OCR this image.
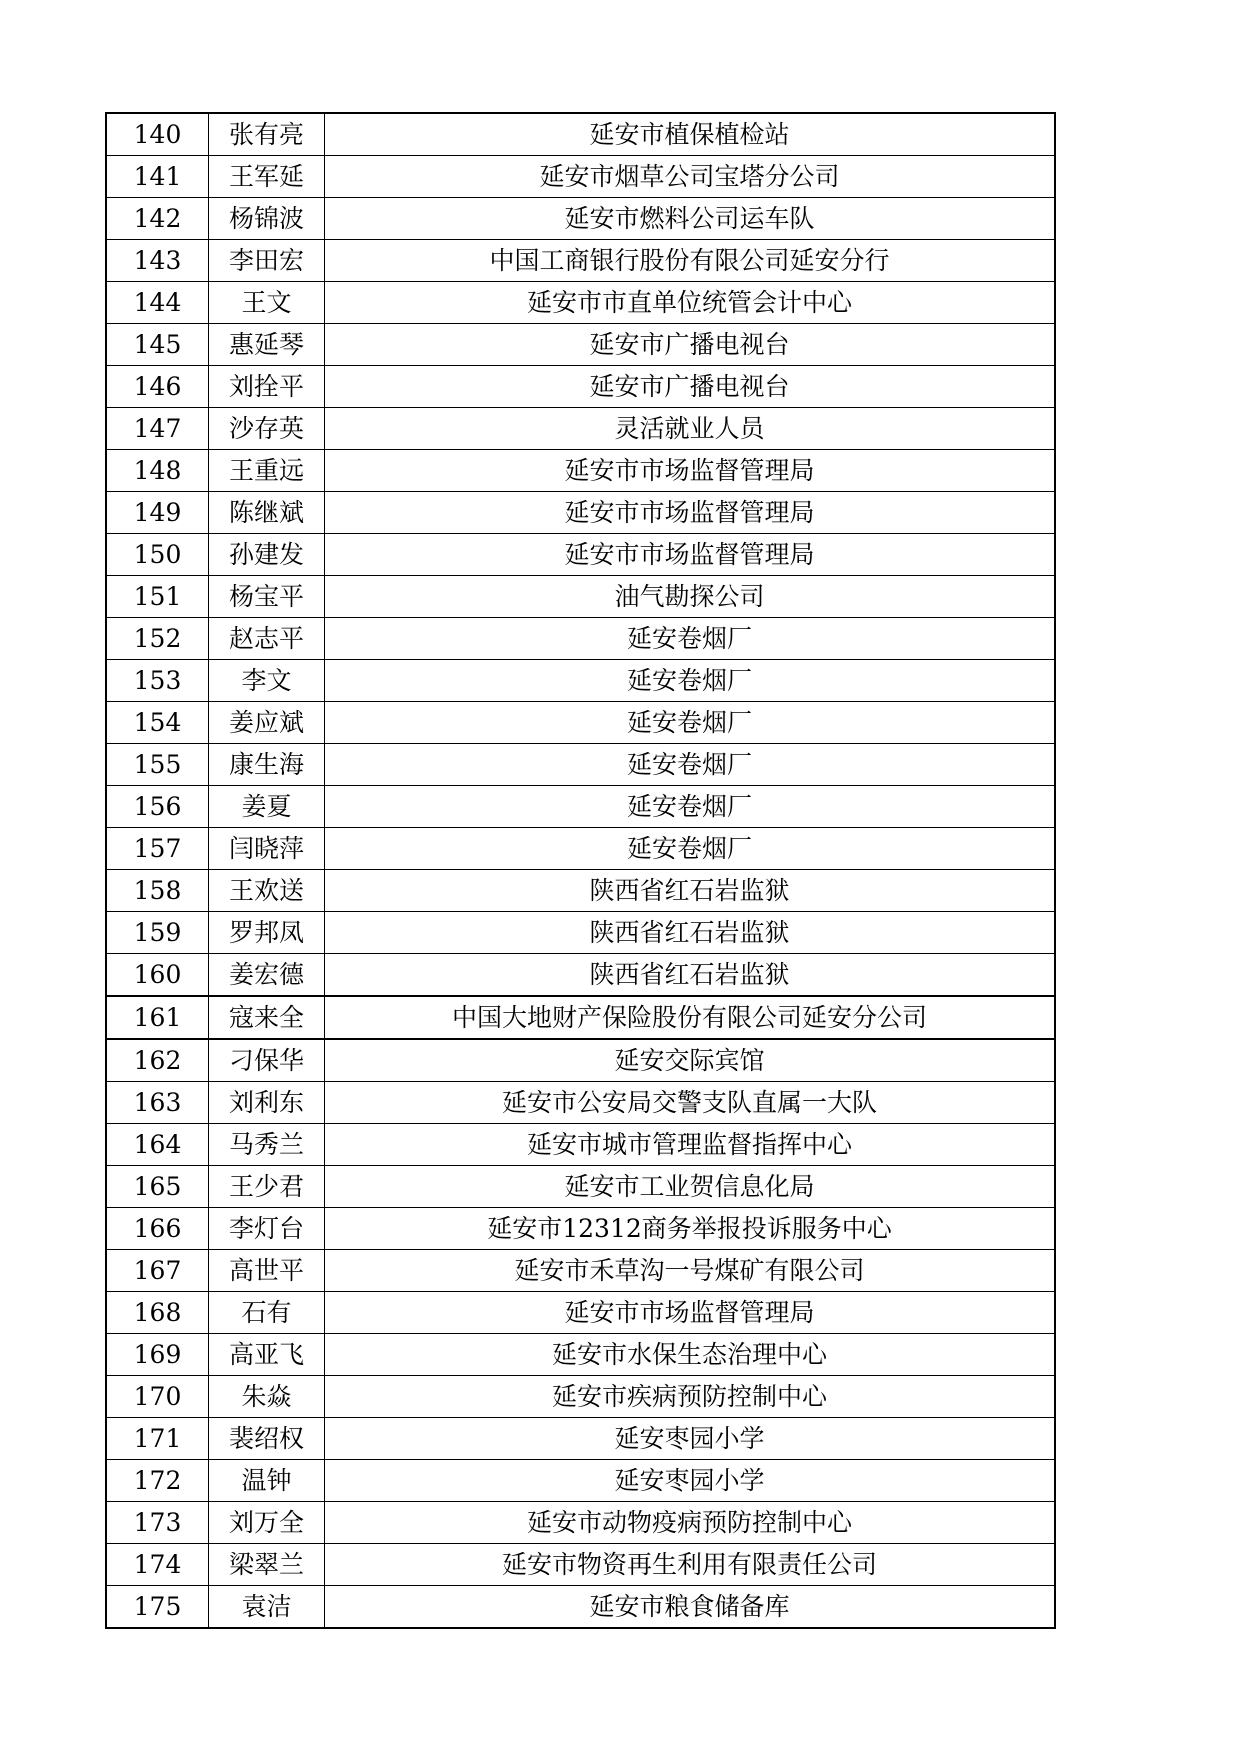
140	张有亮	延安市植保植检站
141	王军延	延安市烟草公司宝塔分公司
142	杨锦波	延安市燃料公司运车队
143	李田宏	中国工商银行股份有限公司延安分行
144	王文	延安市市直单位统管会计中心
145	惠延琴	延安市广播电视台
146	刘拴平	延安市广播电视台
147	沙存英	灵活就业人员
148	王重远	延安市市场监督管理局
149	陈继斌	延安市市场监督管理局
150	孙建发	延安市市场监督管理局
151	杨宝平	油气勘探公司
152	赵志平	延安卷烟厂
153	李文	延安卷烟厂
154	姜应斌	延安卷烟厂
155	康生海	延安卷烟厂
156	姜夏	延安卷烟厂
157	闫晓萍	延安卷烟厂
158	王欢送	陕西省红石岩监狱
159	罗邦凤	陕西省红石岩监狱
160	姜宏德	陕西省红石岩监狱
161	寇来全	中国大地财产保险股份有限公司延安分公司
162	刁保华	延安交际宾馆
163	刘利东	延安市公安局交警支队直属一大队
164	马秀兰	延安市城市管理监督指挥中心
165	王少君	延安市工业贺信息化局
166	李灯台	延安市12312商务举报投诉服务中心
167	高世平	延安市禾草沟一号煤矿有限公司
168	石有	延安市市场监督管理局
169	高亚飞	延安市水保生态治理中心
170	朱焱	延安市疾病预防控制中心
171	裴绍权	延安枣园小学
172	温钟	延安枣园小学
173	刘万全	延安市动物疫病预防控制中心
174	梁翠兰	延安市物资再生利用有限责任公司
175	袁洁	延安市粮食储备库
